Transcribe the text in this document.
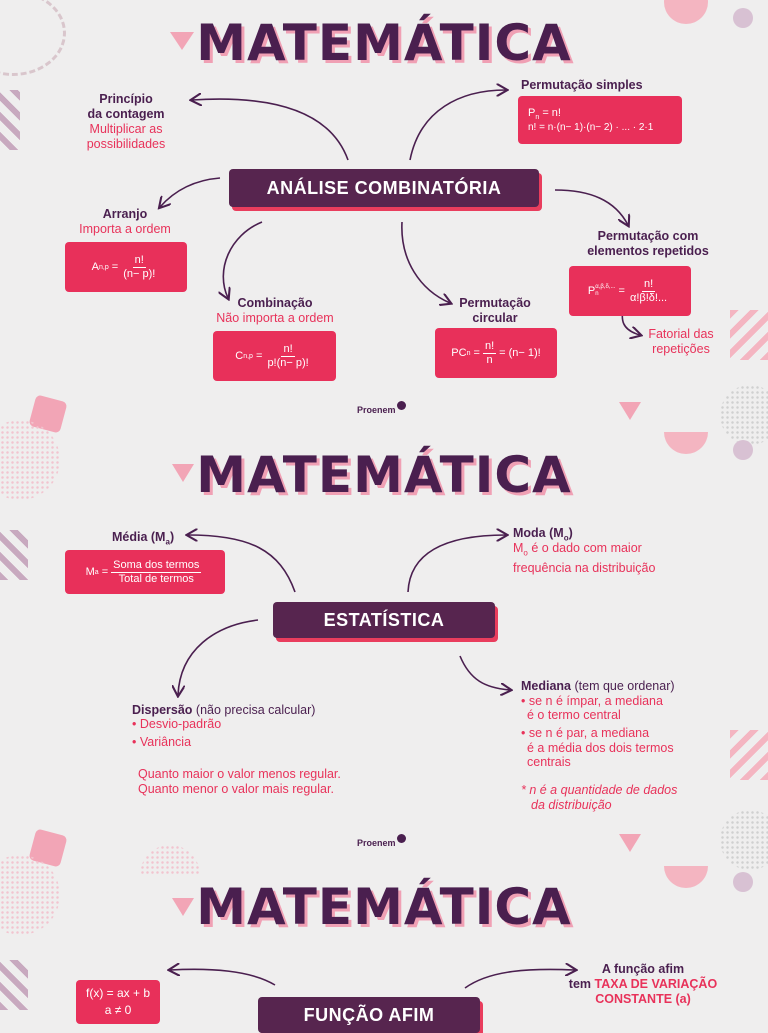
MATEMÁTICA
Princípio
da contagem
Multiplicar as
possibilidades
Permutação simples
$P_n = n$!
n! = n·(n− 1)·(n− 2) · ... · 2·1
ANÁLISE COMBINATÓRIA
Arranjo
Importa a ordem
A $n,p = \frac{n!}{(n- p)!}$
Permutação com
elementos repetidos
P α,β,δ,...
n	= $\frac{n!}{\alpha!\beta!\delta!...}$
Fatorial das
repetições
Combinação
Não importa a ordem
C $n,p = \frac{n!}{p!(n- p)!}$
Permutação
circular
PC $n = \frac{n!}{n} = (n- 1)$!
Proenem
MATEMÁTICA
Média $(M_a)$
M $a = \frac{\text{Soma dos termos}}{\text{Total de termos}}$
Moda $(M_o)$
$M_o$ é o dado com maior
frequência na distribuição
ESTATÍSTICA
Dispersão (não precisa calcular)
• Desvio-padrão
• Variância
Quanto maior o valor menos regular.
Quanto menor o valor mais regular.
Mediana (tem que ordenar)
• se n é ímpar, a mediana
é o termo central
• se n é par, a mediana
é a média dos dois termos
centrais
* n é a quantidade de dados
da distribuição
Proenem
MATEMÁTICA
f(x) = ax + b
a ≠ 0	FUNÇÃO AFIM
A função afim
tem TAXA DE VARIAÇÃO
CONSTANTE (a)
